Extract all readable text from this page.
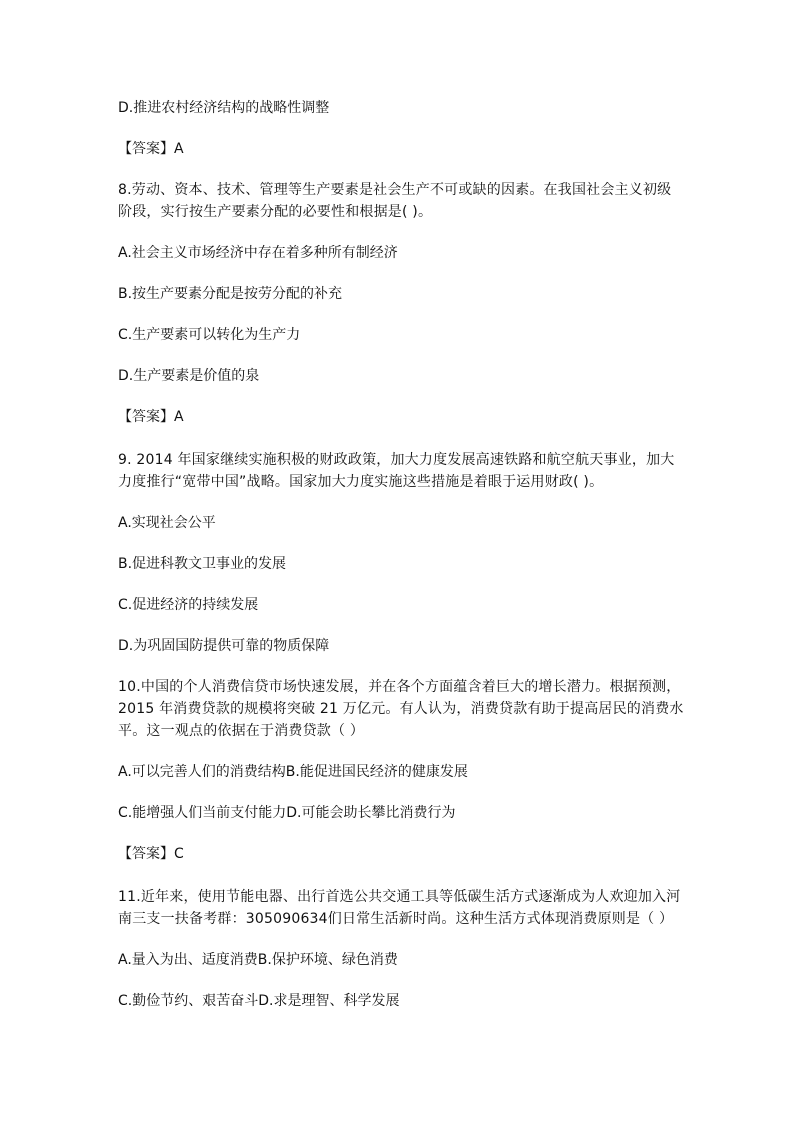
D.推进农村经济结构的战略性调整
【答案】A
8.劳动、资本、技术、管理等生产要素是社会生产不可或缺的因素。在我国社会主义初级
阶段，实行按生产要素分配的必要性和根据是( )。
A.社会主义市场经济中存在着多种所有制经济
B.按生产要素分配是按劳分配的补充
C.生产要素可以转化为生产力
D.生产要素是价值的泉
【答案】A
9. 2014 年国家继续实施积极的财政政策，加大力度发展高速铁路和航空航天事业，加大
力度推行“宽带中国”战略。国家加大力度实施这些措施是着眼于运用财政( )。
A.实现社会公平
B.促进科教文卫事业的发展
C.促进经济的持续发展
D.为巩固国防提供可靠的物质保障
10.中国的个人消费信贷市场快速发展，并在各个方面蕴含着巨大的增长潜力。根据预测，
2015 年消费贷款的规模将突破 21 万亿元。有人认为，消费贷款有助于提高居民的消费水
平。这一观点的依据在于消费贷款（ ）
A.可以完善人们的消费结构B.能促进国民经济的健康发展
C.能增强人们当前支付能力D.可能会助长攀比消费行为
【答案】C
11.近年来，使用节能电器、出行首选公共交通工具等低碳生活方式逐渐成为人欢迎加入河
南三支一扶备考群：305090634们日常生活新时尚。这种生活方式体现消费原则是（ ）
A.量入为出、适度消费B.保护环境、绿色消费
C.勤俭节约、艰苦奋斗D.求是理智、科学发展
